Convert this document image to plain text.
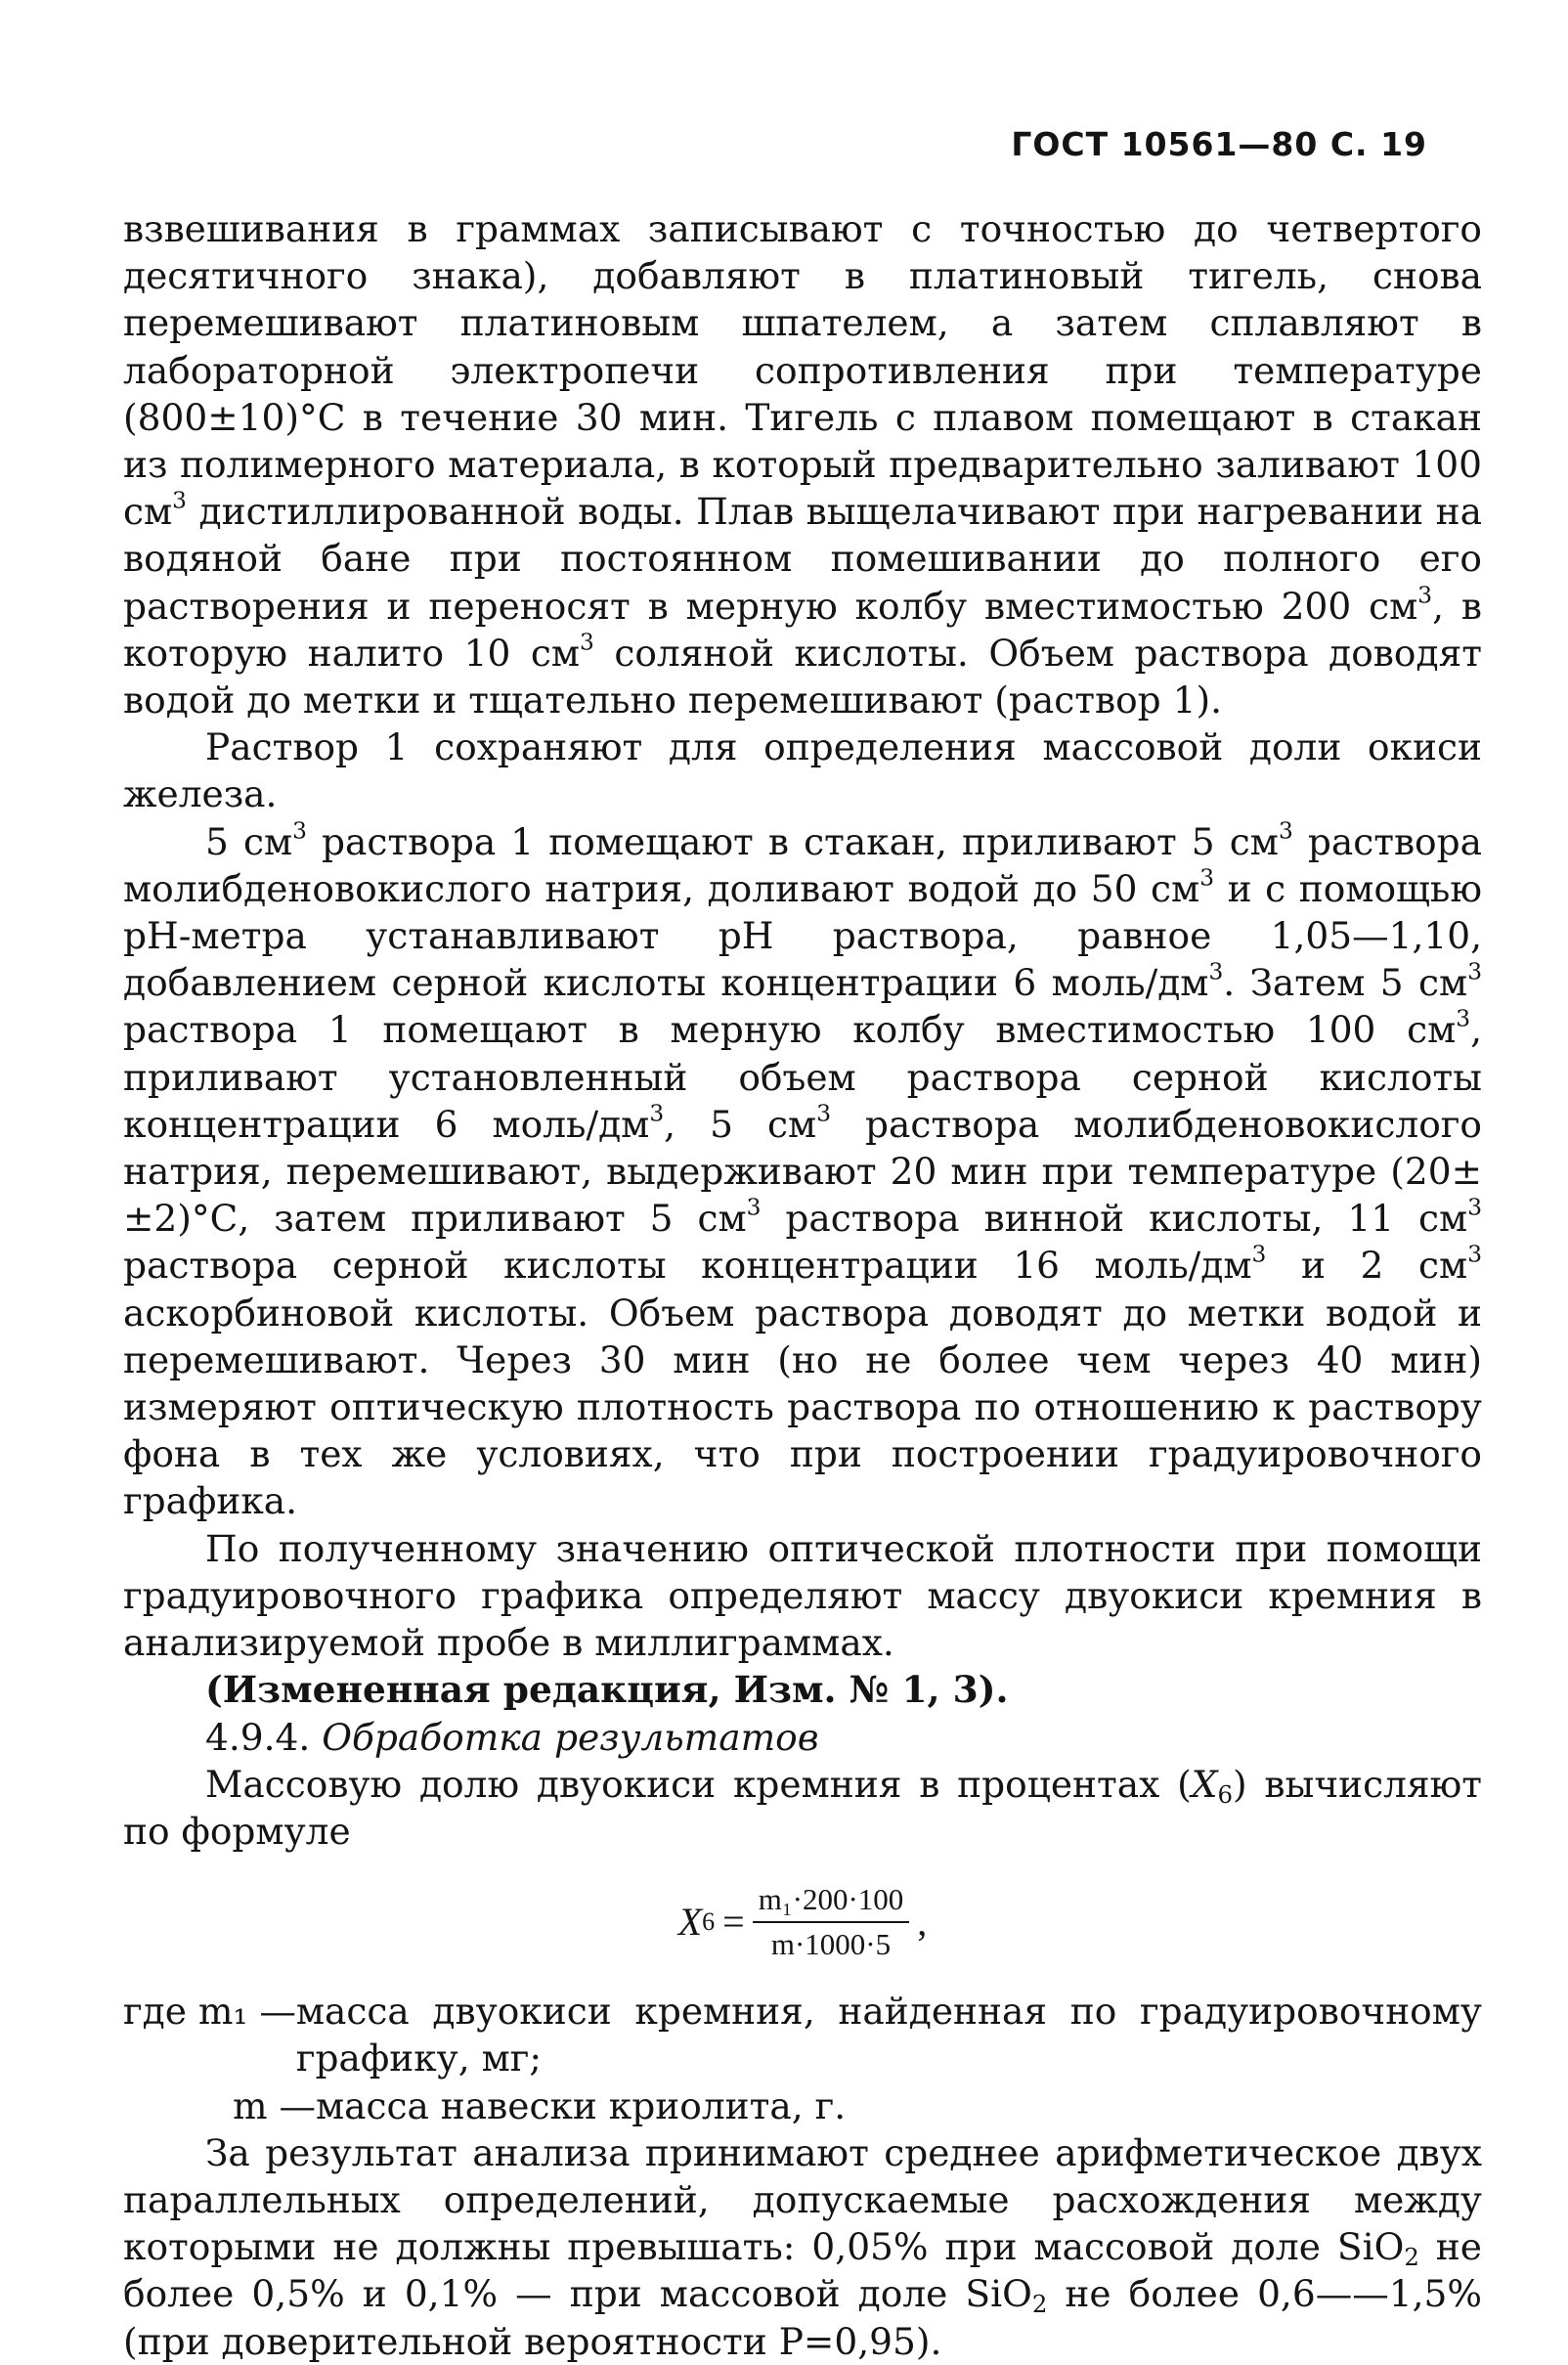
ГОСТ 10561—80 С. 19

взвешивания в граммах записывают с точностью до четвертого десятичного знака), добавляют в платиновый тигель, снова перемешивают платиновым шпателем, а затем сплавляют в лабораторной электропечи сопротивления при температуре (800±10)°С в течение 30 мин. Тигель с плавом помещают в стакан из полимерного материала, в который предварительно заливают 100 $см^3$ дистиллированной воды. Плав выщелачивают при нагревании на водяной бане при постоянном помешивании до полного его растворения и переносят в мерную колбу вместимостью 200 $см^3$, в которую налито 10 $см^3$ соляной кислоты. Объем раствора доводят водой до метки и тщательно перемешивают (раствор 1).

Раствор 1 сохраняют для определения массовой доли окиси железа.

5 $см^3$ раствора 1 помещают в стакан, приливают 5 $см^3$ раствора молибденовокислого натрия, доливают водой до 50 $см^3$ и с помощью рН-метра устанавливают рН раствора, равное 1,05—1,10, добавлением серной кислоты концентрации 6 моль/$дм^3$. Затем 5 $см^3$ раствора 1 помещают в мерную колбу вместимостью 100 $см^3$, приливают установленный объем раствора серной кислоты концентрации 6 моль/$дм^3$, 5 $см^3$ раствора молибденовокислого натрия, перемешивают, выдерживают 20 мин при температуре (20±±2)°С, затем приливают 5 $см^3$ раствора винной кислоты, 11 $см^3$ раствора серной кислоты концентрации 16 моль/$дм^3$ и 2 $см^3$ аскорбиновой кислоты. Объем раствора доводят до метки водой и перемешивают. Через 30 мин (но не более чем через 40 мин) измеряют оптическую плотность раствора по отношению к раствору фона в тех же условиях, что при построении градуировочного графика.

По полученному значению оптической плотности при помощи градуировочного графика определяют массу двуокиси кремния в анализируемой пробе в миллиграммах.

(Измененная редакция, Изм. № 1, 3).

4.9.4. Обработка результатов

Массовую долю двуокиси кремния в процентах $(X_6)$ вычисляют по формуле

X $6 = \frac{\text{m₁·200·100}}{m\cdot 1000\cdot 5}$ ,
где m₁ — масса двуокиси кремния, найденная по градуировочному графику, мг;
m — масса навески криолита, г.

За результат анализа принимают среднее арифметическое двух параллельных определений, допускаемые расхождения между которыми не должны превышать: 0,05% при массовой доле SiO$_2$ не более 0,5% и 0,1% — при массовой доле SiO$_2$ не более 0,6——1,5% (при доверительной вероятности Р=0,95).
